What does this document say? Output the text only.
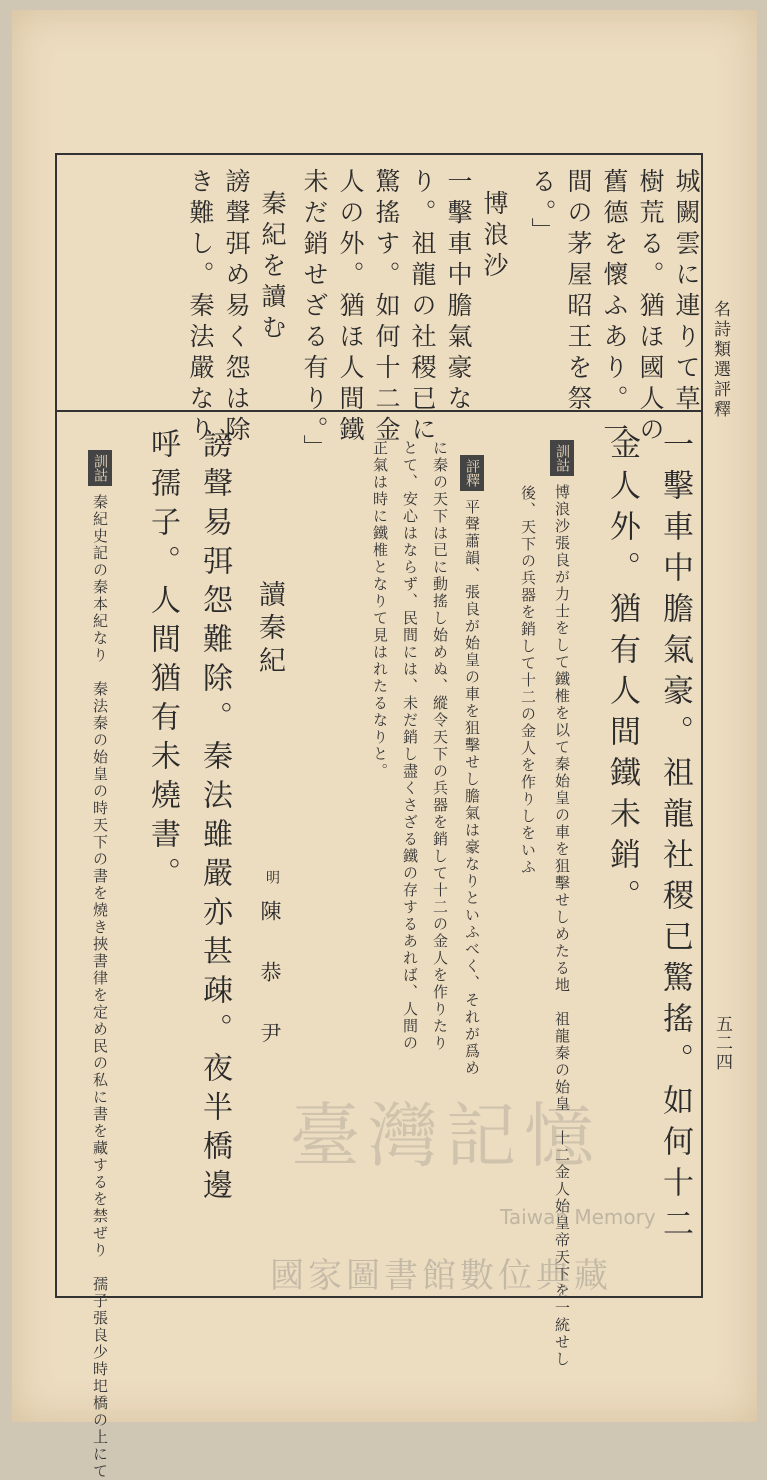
名詩類選評釋
五二四
城闕雲に連りて草
樹荒る。猶ほ國人の
舊德を懷ふあり。一
間の茅屋昭王を祭
る。」
博浪沙
一擊車中膽氣豪な
り。祖龍の社稷已に
驚搖す。如何十二金
人の外。猶ほ人間鐵
未だ銷せざる有り。」
秦紀を讀む
謗聲弭め易く怨は除
き難し。秦法嚴なり
一擊車中膽氣豪。祖龍社稷已驚搖。如何十二
金人外。猶有人間鐵未銷。
訓詁博浪沙張良が力士をして鐵椎を以て秦始皇の車を狙擊せしめたる地　祖龍秦の始皇　十二金人始皇帝天下を一統せし
後、天下の兵器を銷して十二の金人を作りしをいふ
評釋平聲蕭韻、張良が始皇の車を狙擊せし膽氣は豪なりといふべく、それが爲め
に秦の天下は已に動搖し始めぬ、縱令天下の兵器を銷して十二の金人を作りたり
とて、安心はならず、民間には、未だ銷し盡くさざる鐵の存するあれば、人間の
正氣は時に鐵椎となりて見はれたるなりと。
讀秦紀
明
陳恭尹
謗聲易弭怨難除。秦法雖嚴亦甚疎。夜半橋邊
呼孺子。人間猶有未燒書。
訓詁秦紀史記の秦本紀なり　秦法秦の始皇の時天下の書を燒き挾書律を定め民の私に書を藏するを禁ぜり　孺子張良少時圯橋の上にて	臺灣記憶
Taiwan Memory
國家圖書館數位典藏
